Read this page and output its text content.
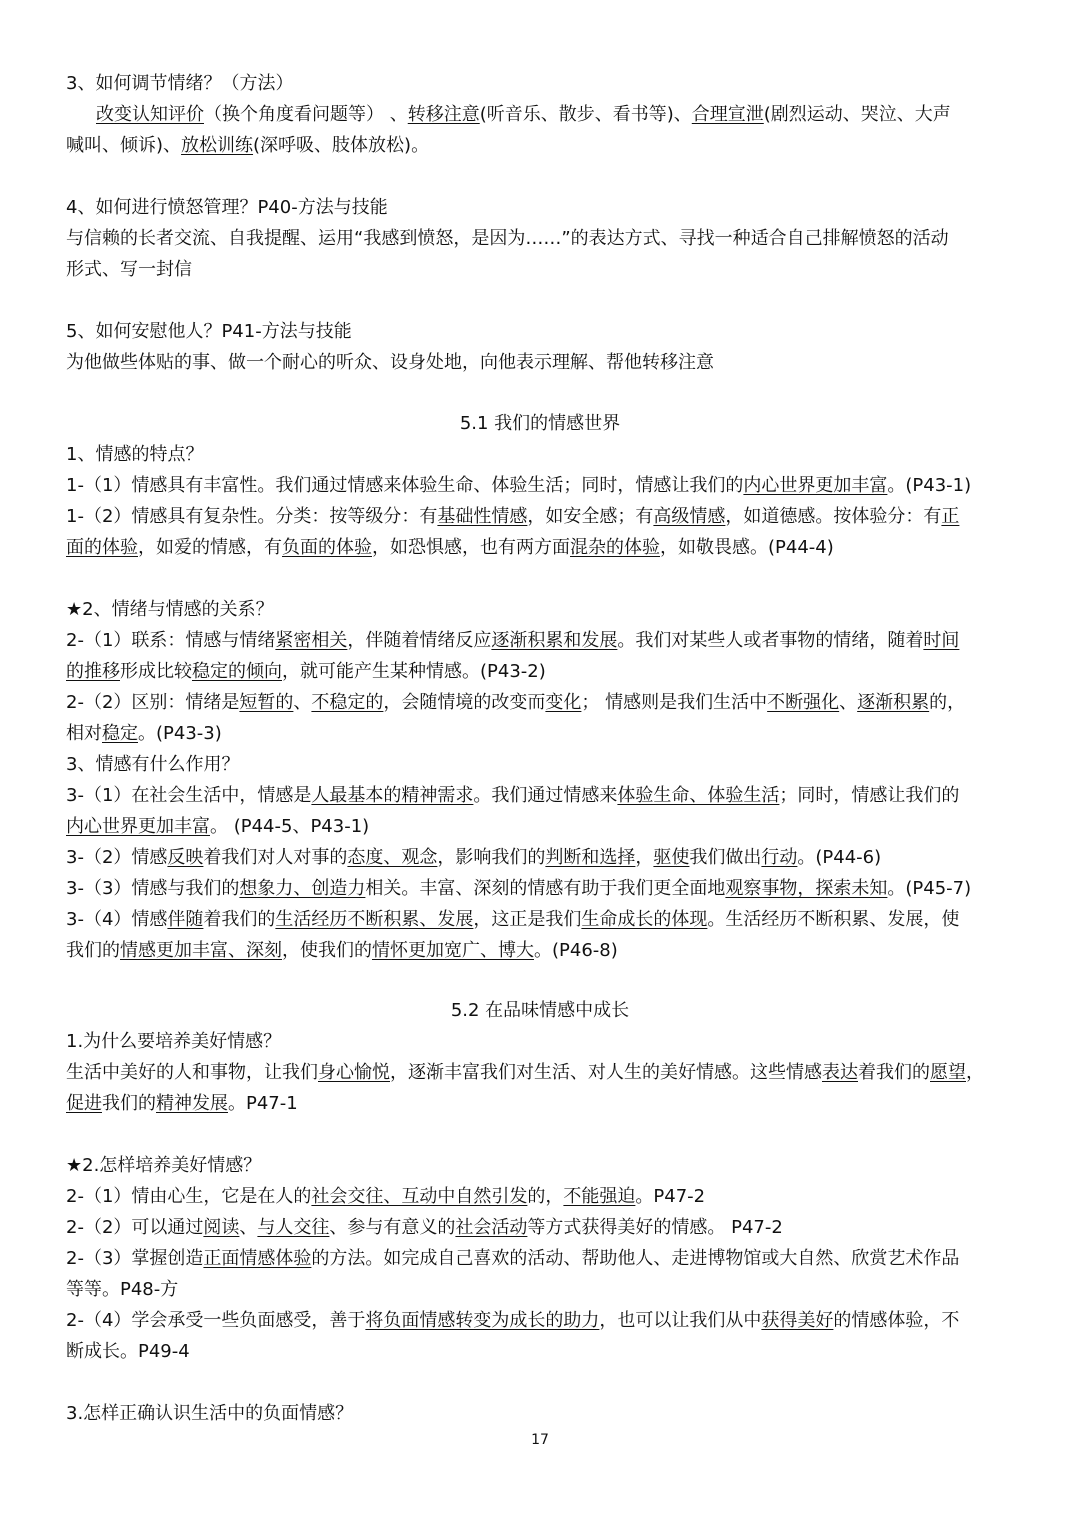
3、如何调节情绪？（方法）

改变认知评价（换个角度看问题等） 、转移注意(听音乐、散步、看书等)、合理宣泄(剧烈运动、哭泣、大声

喊叫、倾诉)、放松训练(深呼吸、肢体放松)。

4、如何进行愤怒管理？P40-方法与技能

与信赖的长者交流、自我提醒、运用“我感到愤怒，是因为……”的表达方式、寻找一种适合自己排解愤怒的活动

形式、写一封信

5、如何安慰他人？P41-方法与技能

为他做些体贴的事、做一个耐心的听众、设身处地，向他表示理解、帮他转移注意

5.1 我们的情感世界

1、情感的特点？

1-（1）情感具有丰富性。我们通过情感来体验生命、体验生活；同时，情感让我们的内心世界更加丰富。(P43-1)

1-（2）情感具有复杂性。分类：按等级分：有基础性情感，如安全感；有高级情感，如道德感。按体验分：有正

面的体验，如爱的情感，有负面的体验，如恐惧感，也有两方面混杂的体验，如敬畏感。(P44-4)

★2、情绪与情感的关系？

2-（1）联系：情感与情绪紧密相关，伴随着情绪反应逐渐积累和发展。我们对某些人或者事物的情绪，随着时间

的推移形成比较稳定的倾向，就可能产生某种情感。(P43-2)

2-（2）区别：情绪是短暂的、不稳定的，会随情境的改变而变化； 情感则是我们生活中不断强化、逐渐积累的，

相对稳定。(P43-3)

3、情感有什么作用？

3-（1）在社会生活中，情感是人最基本的精神需求。我们通过情感来体验生命、体验生活；同时，情感让我们的

内心世界更加丰富。 (P44-5、P43-1)

3-（2）情感反映着我们对人对事的态度、观念，影响我们的判断和选择，驱使我们做出行动。(P44-6)

3-（3）情感与我们的想象力、创造力相关。丰富、深刻的情感有助于我们更全面地观察事物，探索未知。(P45-7)

3-（4）情感伴随着我们的生活经历不断积累、发展，这正是我们生命成长的体现。生活经历不断积累、发展，使

我们的情感更加丰富、深刻，使我们的情怀更加宽广、博大。(P46-8)

5.2 在品味情感中成长

1.为什么要培养美好情感？

生活中美好的人和事物，让我们身心愉悦，逐渐丰富我们对生活、对人生的美好情感。这些情感表达着我们的愿望，

促进我们的精神发展。P47-1

★2.怎样培养美好情感？

2-（1）情由心生，它是在人的社会交往、互动中自然引发的，不能强迫。P47-2

2-（2）可以通过阅读、与人交往、参与有意义的社会活动等方式获得美好的情感。 P47-2

2-（3）掌握创造正面情感体验的方法。如完成自己喜欢的活动、帮助他人、走进博物馆或大自然、欣赏艺术作品

等等。P48-方

2-（4）学会承受一些负面感受，善于将负面情感转变为成长的助力，也可以让我们从中获得美好的情感体验，不

断成长。P49-4

3.怎样正确认识生活中的负面情感？

17
